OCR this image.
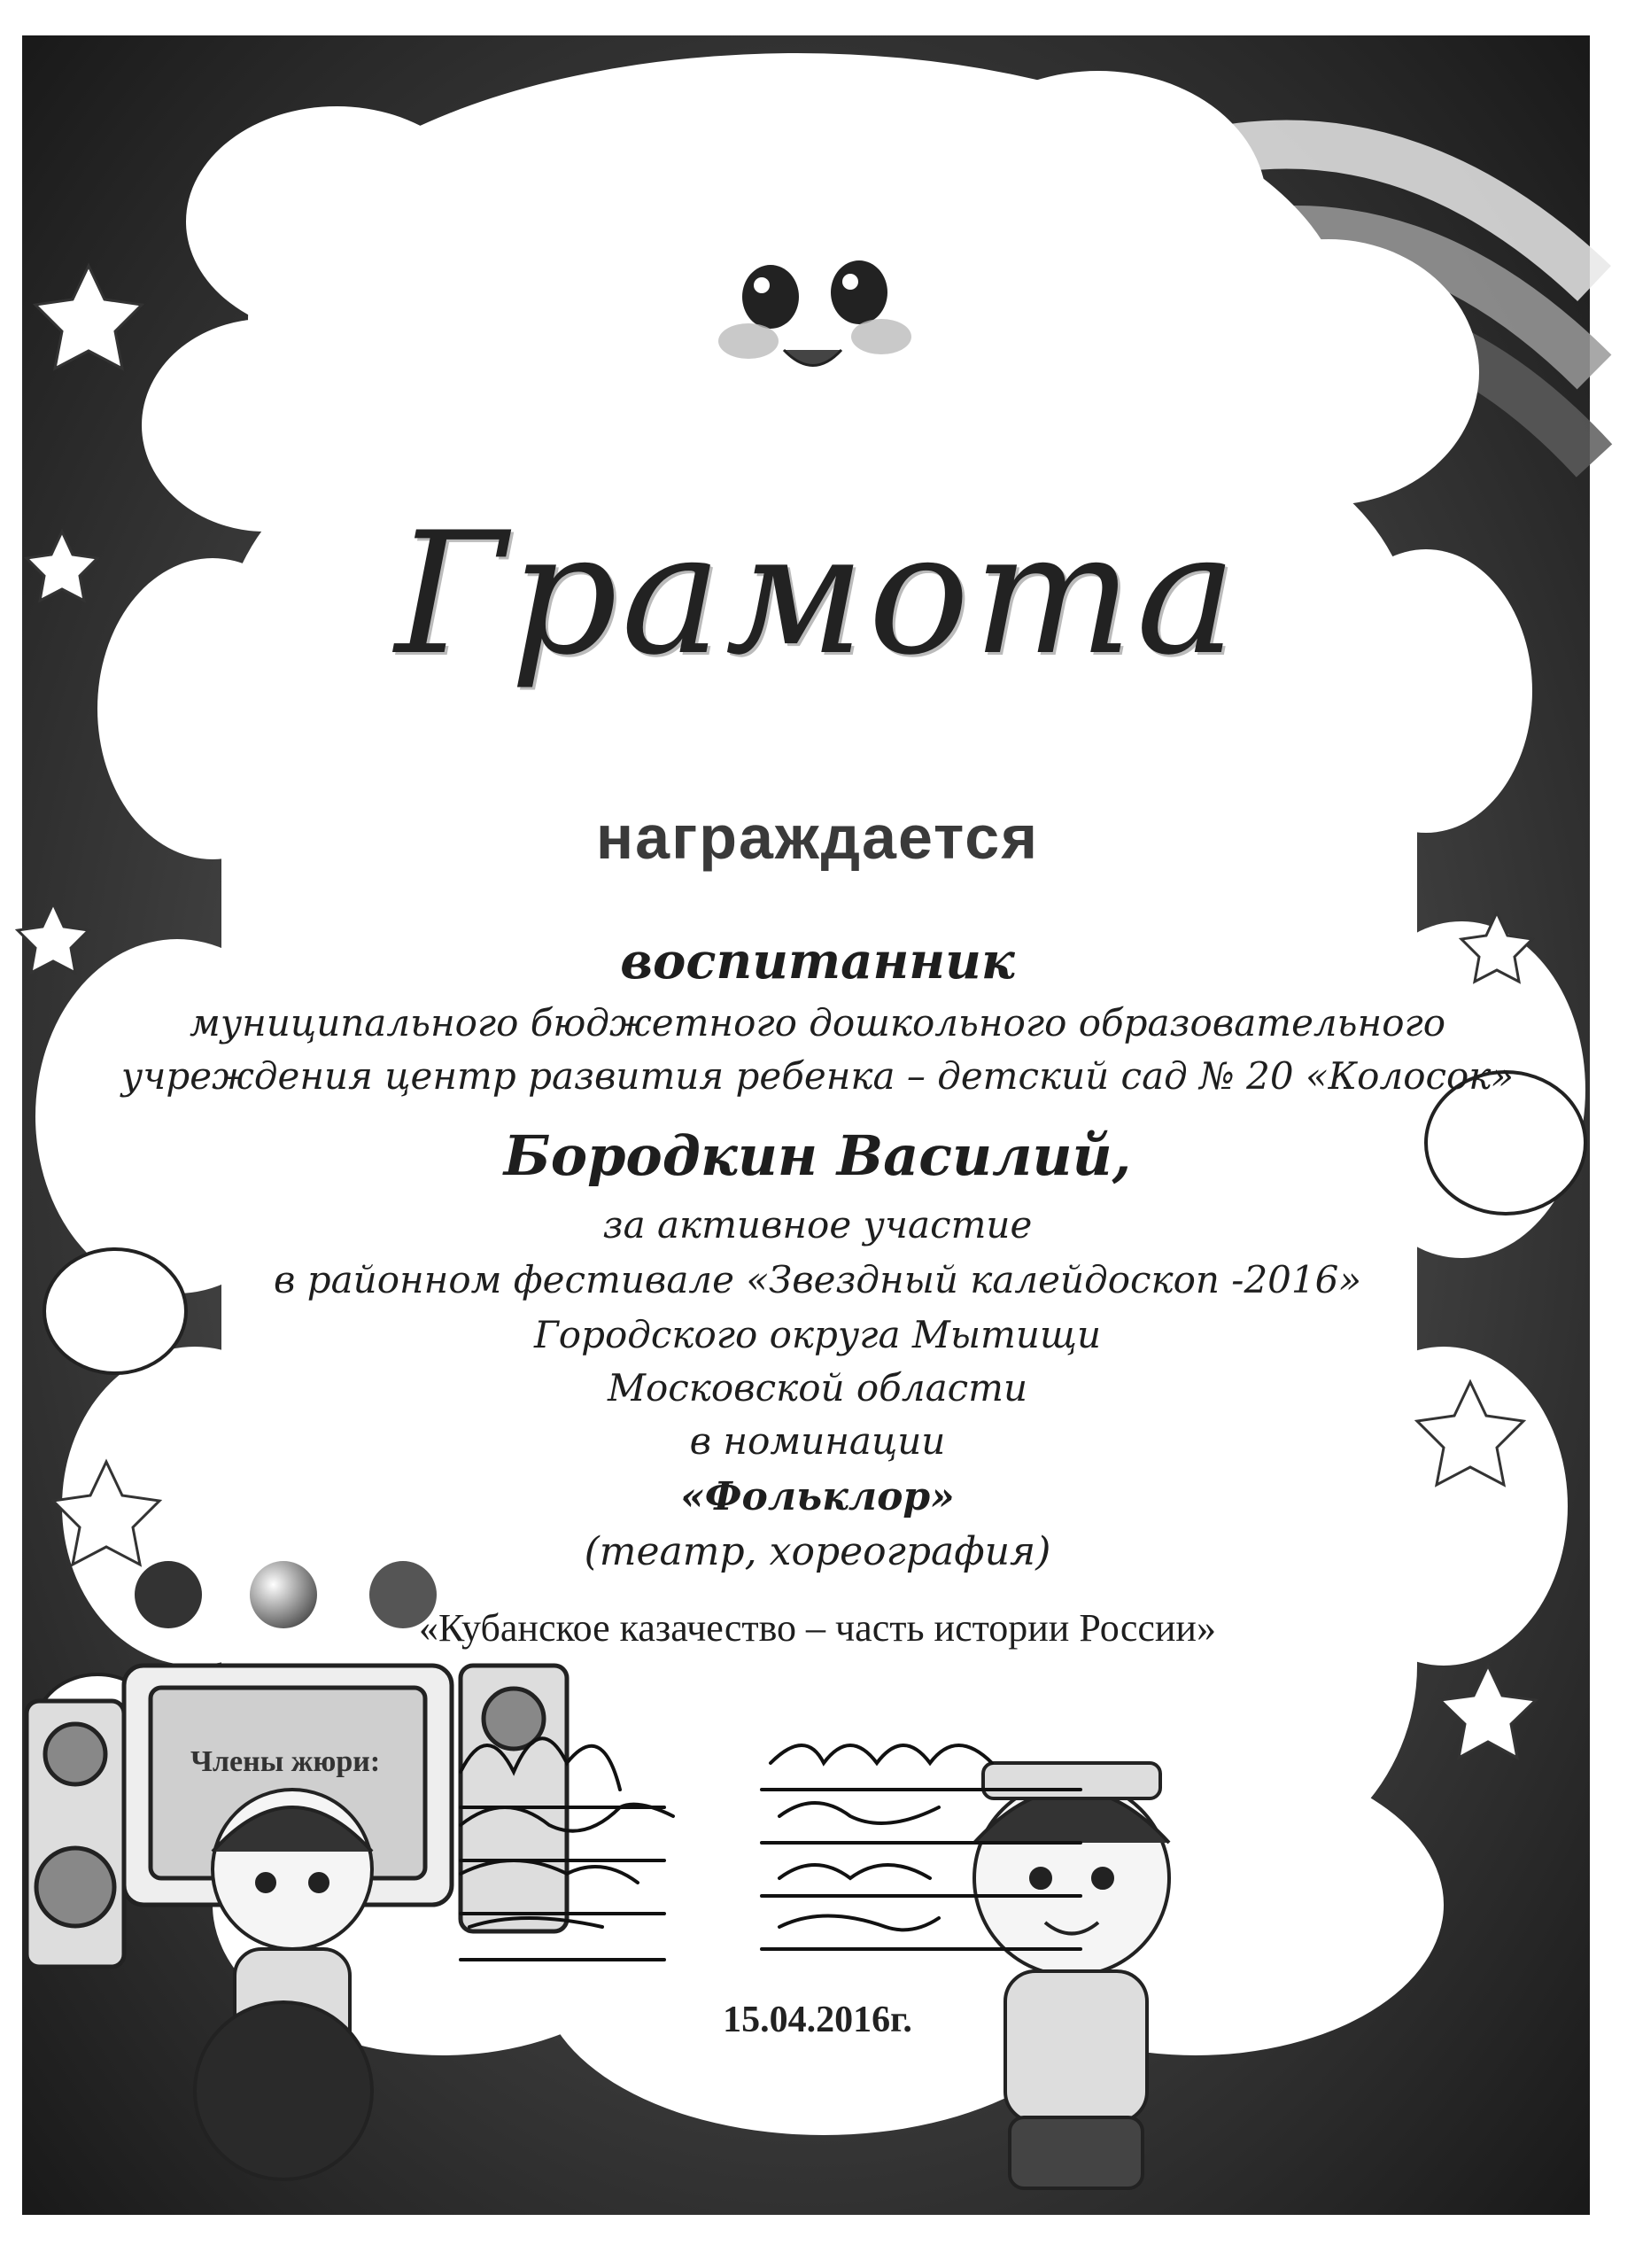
Грамота
награждается
воспитанник
муниципального бюджетного дошкольного образовательного
учреждения центр развития ребенка – детский сад № 20 «Колосок»
Бородкин Василий,
за активное участие
в районном фестивале «Звездный калейдоскоп -2016»
Городского округа Мытищи
Московской области
в номинации
«Фольклор»
(театр, хореография)
«Кубанское казачество – часть истории России»
Члены жюри:
15.04.2016г.
